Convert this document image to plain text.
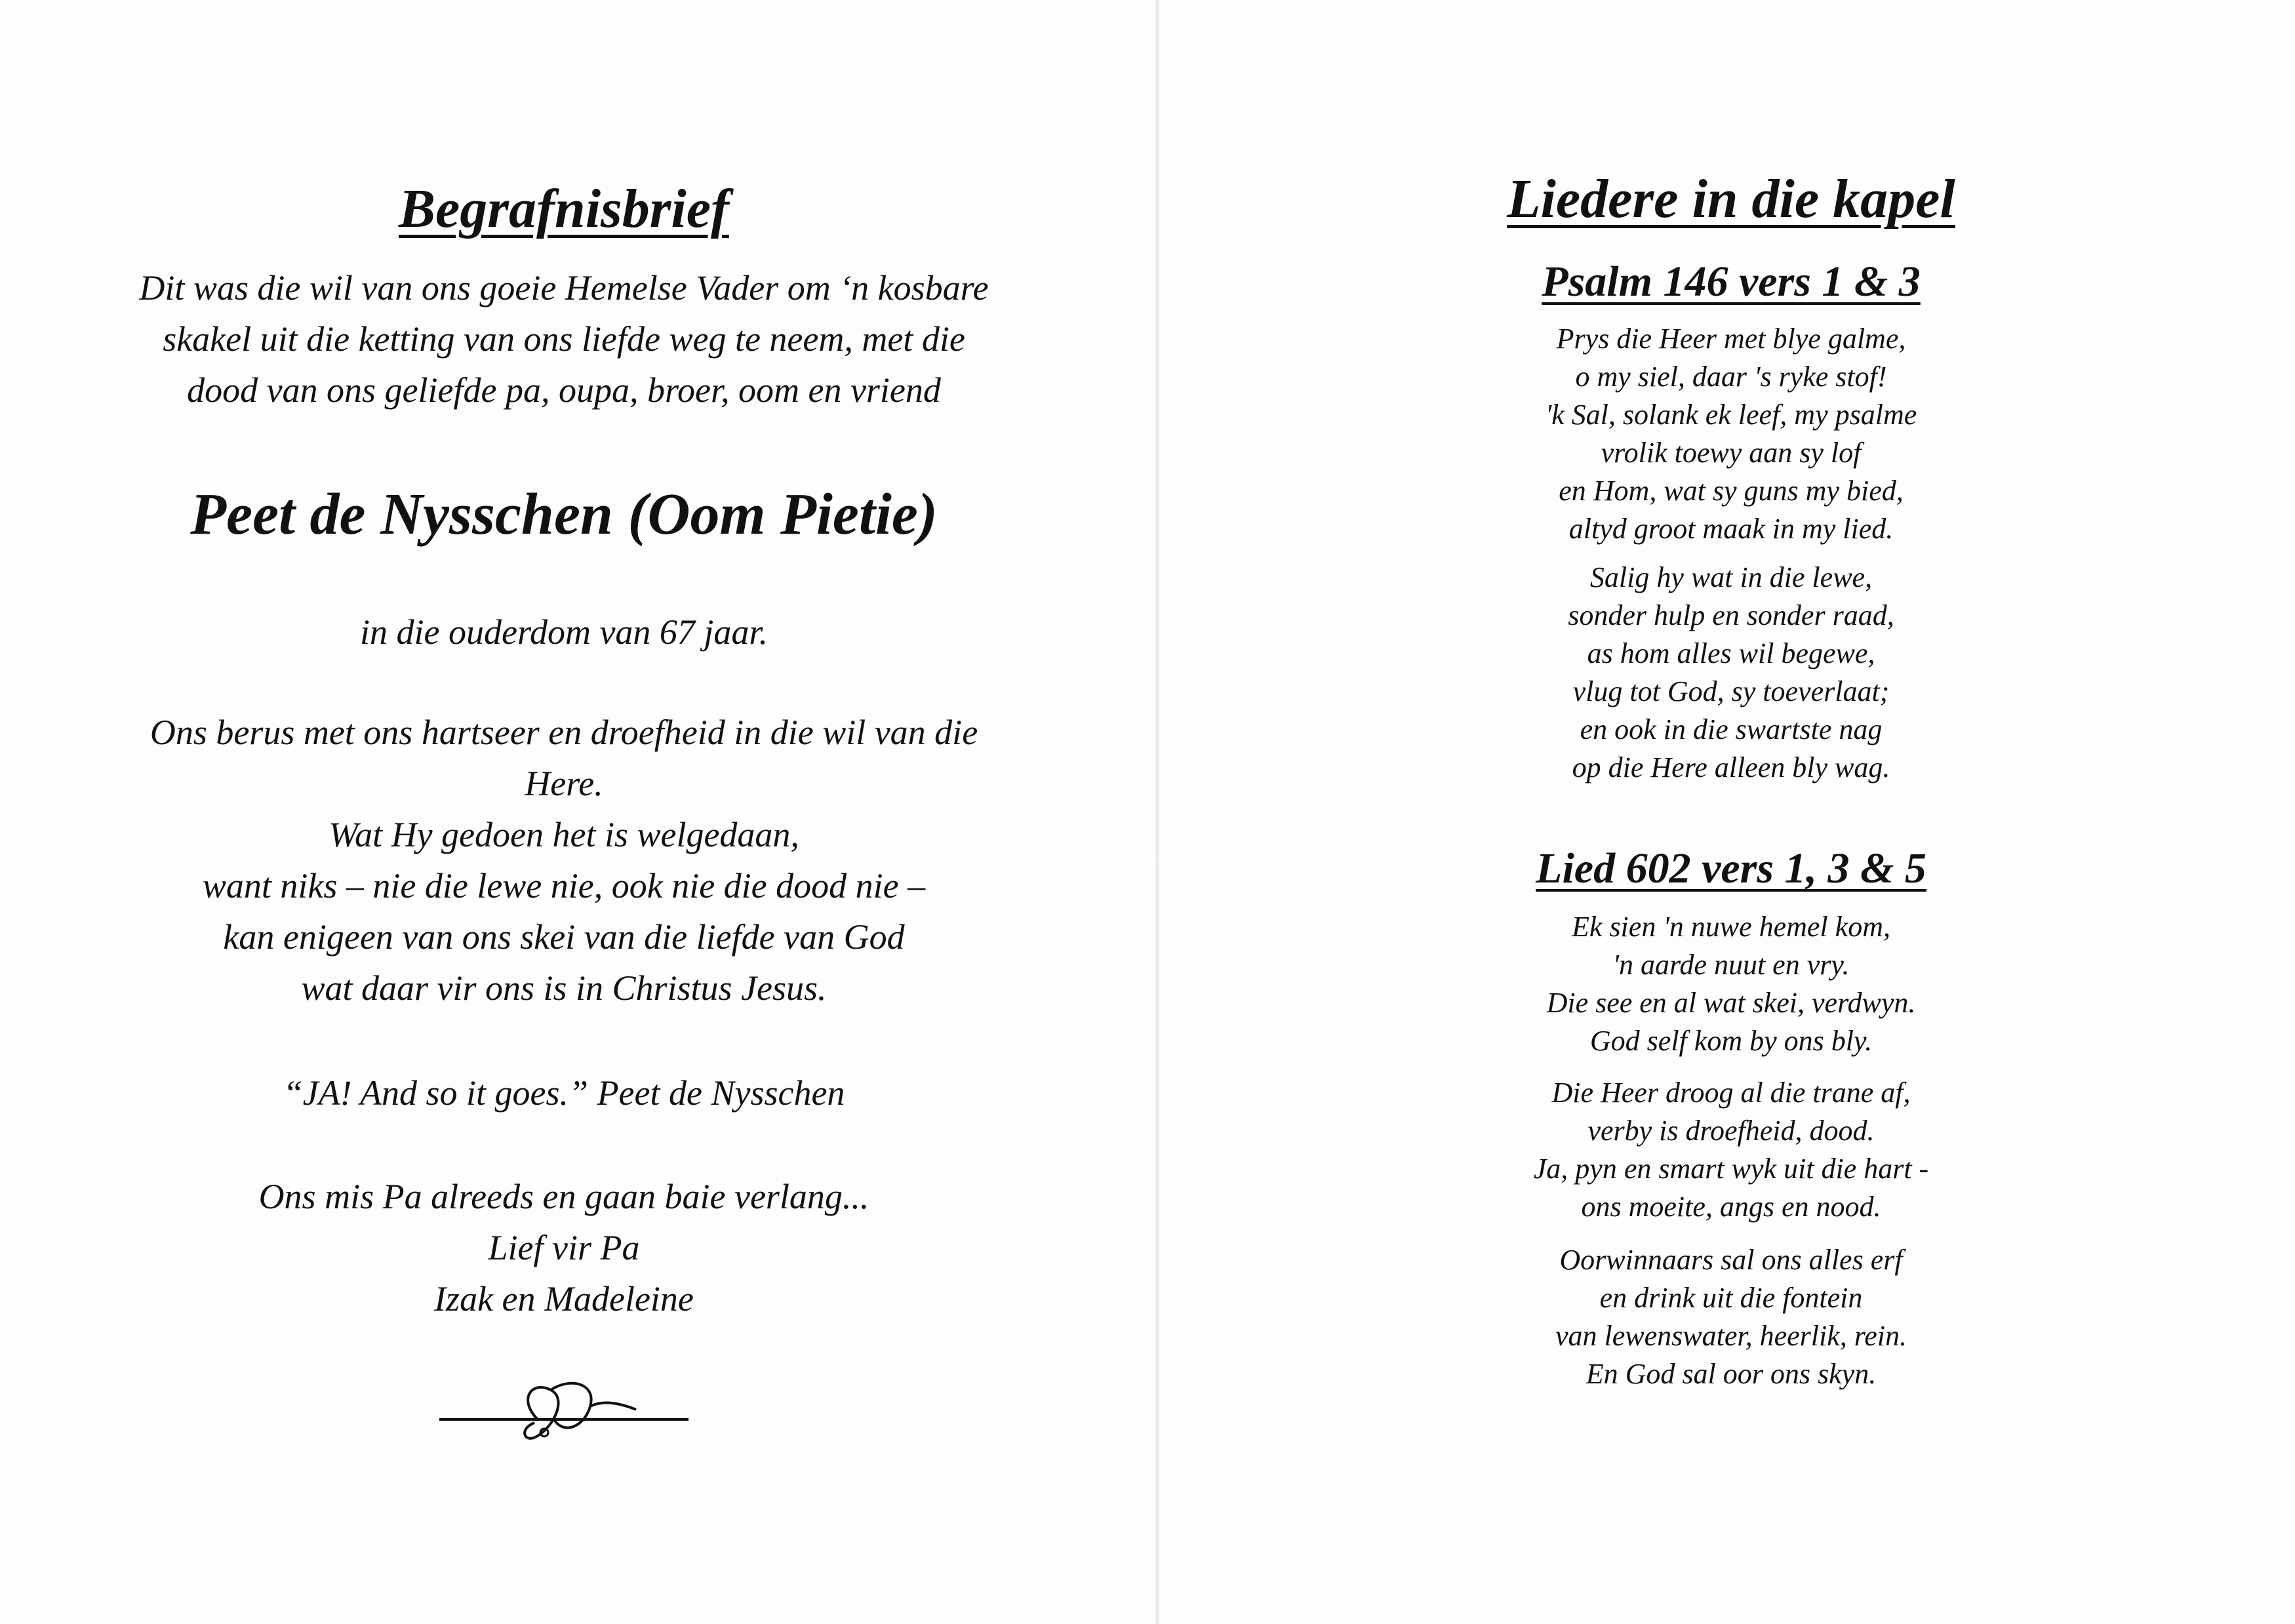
Begrafnisbrief
Dit was die wil van ons goeie Hemelse Vader om ‘n kosbare
skakel uit die ketting van ons liefde weg te neem, met die
dood van ons geliefde pa, oupa, broer, oom en vriend
Peet de Nysschen (Oom Pietie)
in die ouderdom van 67 jaar.
Ons berus met ons hartseer en droefheid in die wil van die
Here.
Wat Hy gedoen het is welgedaan,
want niks – nie die lewe nie, ook nie die dood nie –
kan enigeen van ons skei van die liefde van God
wat daar vir ons is in Christus Jesus.
“JA! And so it goes.” Peet de Nysschen
Ons mis Pa alreeds en gaan baie verlang...
Lief vir Pa
Izak en Madeleine
Liedere in die kapel
Psalm 146 vers 1 & 3
Prys die Heer met blye galme,
o my siel, daar 's ryke stof!
'k Sal, solank ek leef, my psalme
vrolik toewy aan sy lof
en Hom, wat sy guns my bied,
altyd groot maak in my lied.
Salig hy wat in die lewe,
sonder hulp en sonder raad,
as hom alles wil begewe,
vlug tot God, sy toeverlaat;
en ook in die swartste nag
op die Here alleen bly wag.
Lied 602 vers 1, 3 & 5
Ek sien 'n nuwe hemel kom,
'n aarde nuut en vry.
Die see en al wat skei, verdwyn.
God self kom by ons bly.
Die Heer droog al die trane af,
verby is droefheid, dood.
Ja, pyn en smart wyk uit die hart -
ons moeite, angs en nood.
Oorwinnaars sal ons alles erf
en drink uit die fontein
van lewenswater, heerlik, rein.
En God sal oor ons skyn.
